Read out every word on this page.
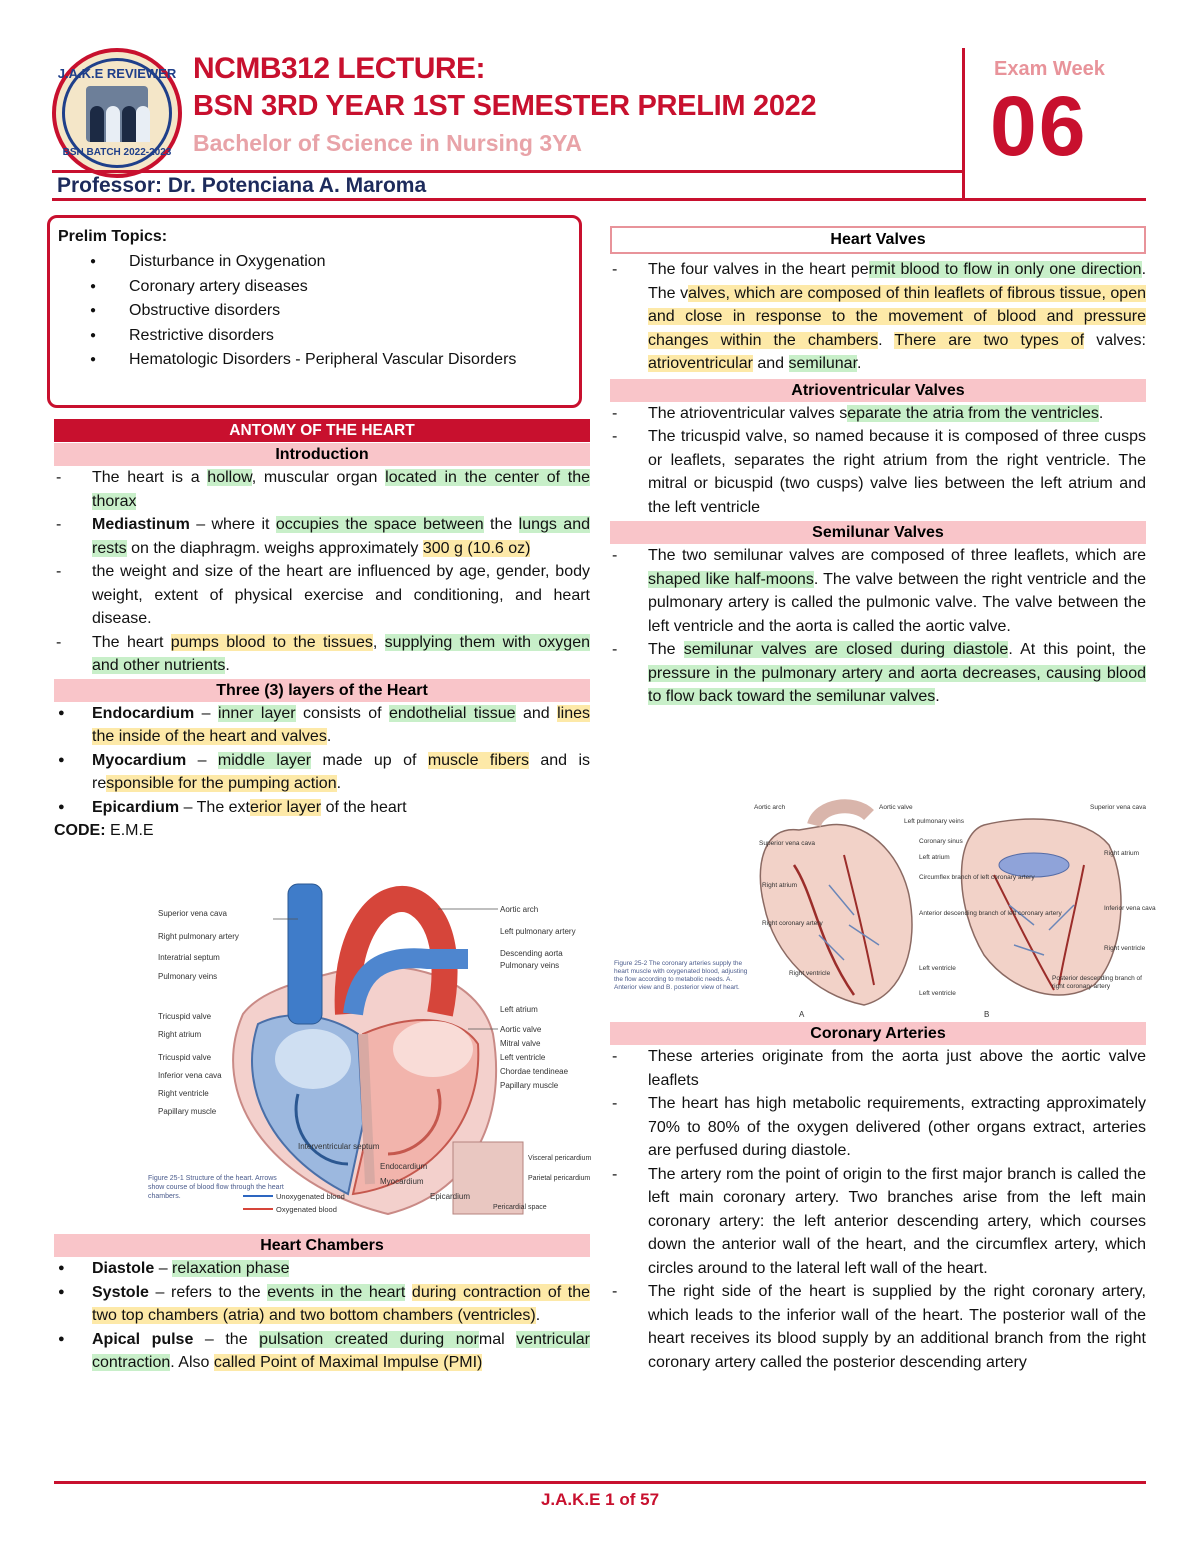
J.A.K.E REVIEWER
BSN BATCH 2022-2023
NCMB312 LECTURE:
BSN 3RD YEAR 1ST SEMESTER PRELIM 2022
Bachelor of Science in Nursing 3YA
Professor: Dr. Potenciana A. Maroma
Exam Week
06
Prelim Topics:
● Disturbance in Oxygenation
● Coronary artery diseases
● Obstructive disorders
● Restrictive disorders
● Hematologic Disorders - Peripheral Vascular Disorders
ANTOMY OF THE HEART
Introduction
- The heart is a hollow, muscular organ located in the center of the thorax
- Mediastinum – where it occupies the space between the lungs and rests on the diaphragm. weighs approximately 300 g (10.6 oz)
- the weight and size of the heart are influenced by age, gender, body weight, extent of physical exercise and conditioning, and heart disease.
- The heart pumps blood to the tissues, supplying them with oxygen and other nutrients.
Three (3) layers of the Heart
● Endocardium – inner layer consists of endothelial tissue and lines the inside of the heart and valves.
● Myocardium – middle layer made up of muscle fibers and is responsible for the pumping action.
● Epicardium – The exterior layer of the heart
CODE: E.M.E
Superior vena cava
Right pulmonary artery
Interatrial septum
Pulmonary veins
Tricuspid valve
Right atrium
Tricuspid valve
Inferior vena cava
Right ventricle
Papillary muscle
Interventricular septum
Endocardium
Myocardium
Epicardium
Aortic arch
Left pulmonary artery
Descending aorta
Pulmonary veins
Left atrium
Aortic valve
Mitral valve
Left ventricle
Chordae tendineae
Papillary muscle
Visceral pericardium
Parietal pericardium
Pericardial space
Figure 25-1 Structure of the heart. Arrows show course of blood flow through the heart chambers.	Unoxygenated blood
Oxygenated blood
Heart Chambers
● Diastole – relaxation phase
● Systole – refers to the events in the heart during contraction of the two top chambers (atria) and two bottom chambers (ventricles).
● Apical pulse – the pulsation created during normal ventricular contraction. Also called Point of Maximal Impulse (PMI)
Heart Valves
- The four valves in the heart permit blood to flow in only one direction. The valves, which are composed of thin leaflets of fibrous tissue, open and close in response to the movement of blood and pressure changes within the chambers. There are two types of valves: atrioventricular and semilunar.
Atrioventricular Valves
- The atrioventricular valves separate the atria from the ventricles.
- The tricuspid valve, so named because it is composed of three cusps or leaflets, separates the right atrium from the right ventricle. The mitral or bicuspid (two cusps) valve lies between the left atrium and the left ventricle
Semilunar Valves
- The two semilunar valves are composed of three leaflets, which are shaped like half-moons. The valve between the right ventricle and the pulmonary artery is called the pulmonic valve. The valve between the left ventricle and the aorta is called the aortic valve.
- The semilunar valves are closed during diastole. At this point, the pressure in the pulmonary artery and aorta decreases, causing blood to flow back toward the semilunar valves.
Aortic arch
Superior vena cava
Right atrium
Right coronary artery
Right ventricle
Aortic valve
Left pulmonary veins
Coronary sinus
Left atrium
Circumflex branch of left coronary artery
Anterior descending branch of left coronary artery
Left ventricle
Left ventricle
Superior vena cava
Right atrium
Inferior vena cava
Right ventricle
Posterior descending branch of right coronary artery
A	B
Figure 25-2 The coronary arteries supply the heart muscle with oxygenated blood, adjusting the flow according to metabolic needs. A. Anterior view and B. posterior view of heart.
Coronary Arteries
- These arteries originate from the aorta just above the aortic valve leaflets
- The heart has high metabolic requirements, extracting approximately 70% to 80% of the oxygen delivered (other organs extract, arteries are perfused during diastole.
- The artery rom the point of origin to the first major branch is called the left main coronary artery. Two branches arise from the left main coronary artery: the left anterior descending artery, which courses down the anterior wall of the heart, and the circumflex artery, which circles around to the lateral left wall of the heart.
- The right side of the heart is supplied by the right coronary artery, which leads to the inferior wall of the heart. The posterior wall of the heart receives its blood supply by an additional branch from the right coronary artery called the posterior descending artery
J.A.K.E 1 of 57
